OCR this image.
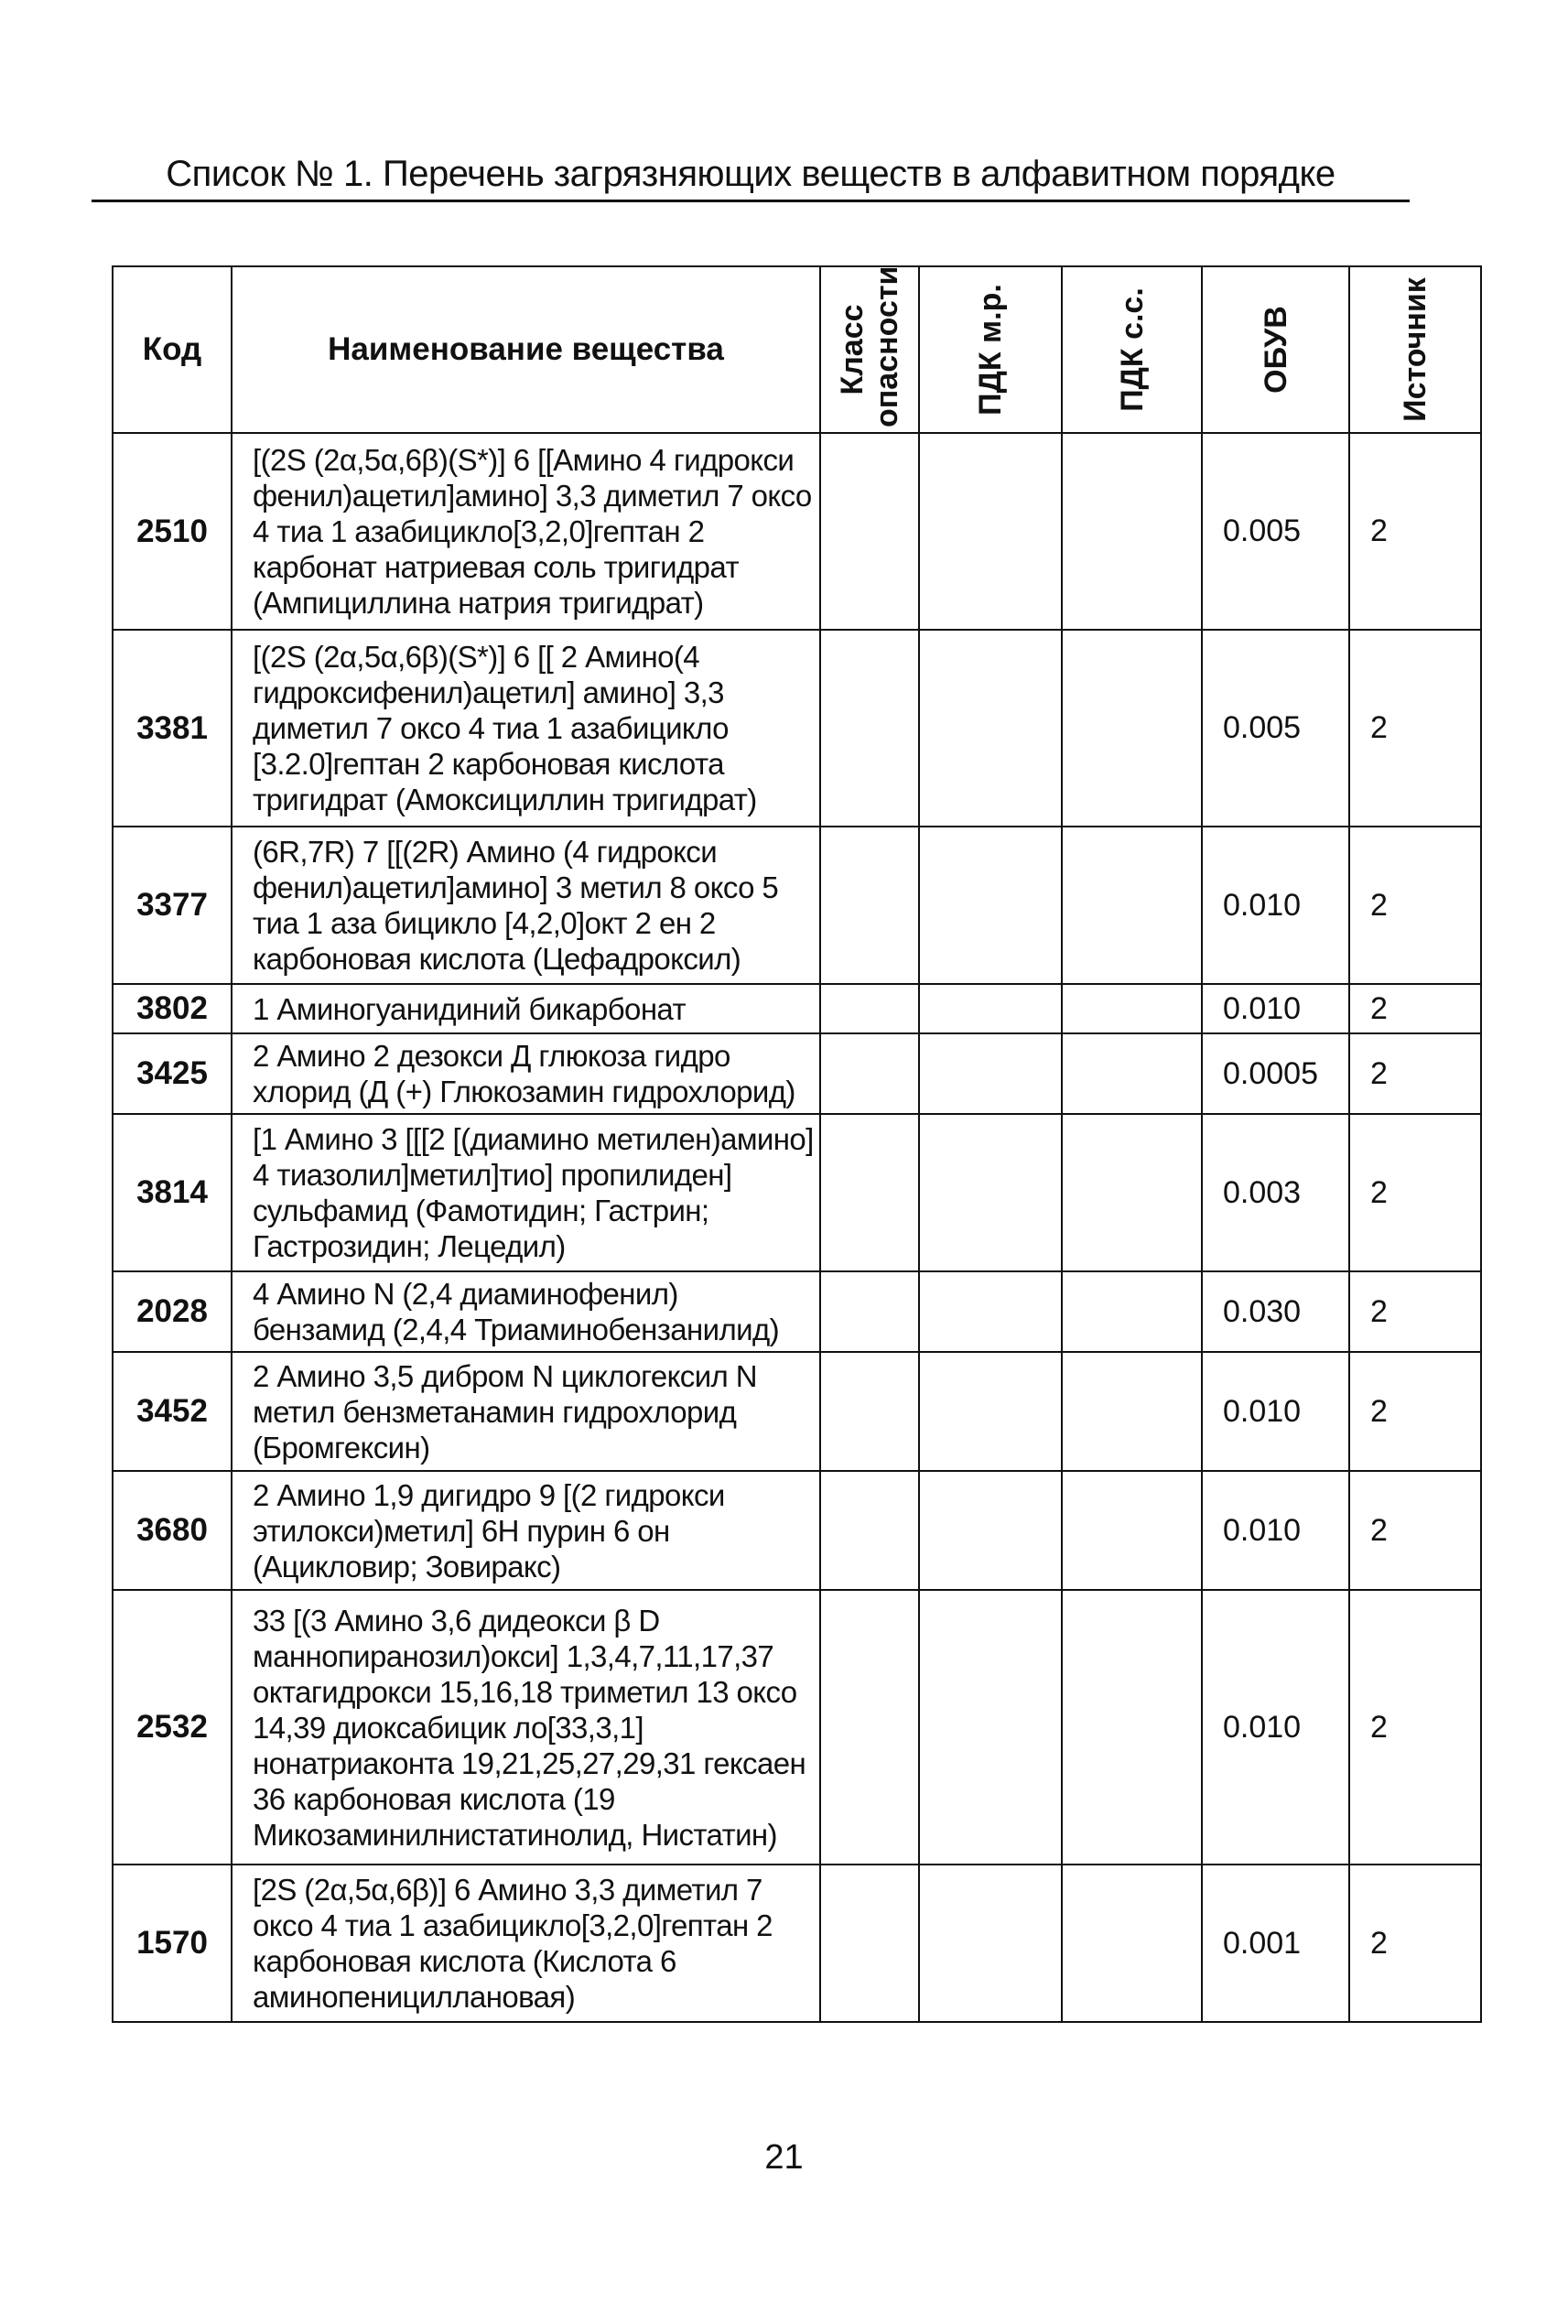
Список № 1. Перечень загрязняющих веществ в алфавитном порядке
Код	Наименование вещества	Класс опасности	ПДК м.р.	ПДК с.с.	ОБУВ	Источник

2510	[(2S (2α,5α,6β)(S*)] 6 [[Амино 4 гидрокси фенил)ацетил]амино] 3,3 диметил 7 оксо 4 тиа 1 азабицикло[3,2,0]гептан 2 карбонат натриевая соль тригидрат (Ампициллина натрия тригидрат)				0.005	2
3381	[(2S (2α,5α,6β)(S*)] 6 [[ 2 Амино(4 гидроксифенил)ацетил] амино] 3,3 диметил 7 оксо 4 тиа 1 азабицикло [3.2.0]гептан 2 карбоновая кислота тригидрат (Амоксициллин тригидрат)				0.005	2
3377	(6R,7R) 7 [[(2R) Амино (4 гидрокси фенил)ацетил]амино] 3 метил 8 оксо 5 тиа 1 аза бицикло [4,2,0]окт 2 ен 2 карбоновая кислота (Цефадроксил)				0.010	2
3802	1 Аминогуанидиний бикарбонат				0.010	2
3425	2 Амино 2 дезокси Д глюкоза гидро хлорид (Д (+) Глюкозамин гидрохлорид)				0.0005	2
3814	[1 Амино 3 [[[2 [(диамино метилен)амино] 4 тиазолил]метил]тио] пропилиден] сульфамид (Фамотидин; Гастрин; Гастрозидин; Лецедил)				0.003	2
2028	4 Амино N (2,4 диаминофенил) бензамид (2,4,4 Триаминобензанилид)				0.030	2
3452	2 Амино 3,5 дибром N циклогексил N метил бензметанамин гидрохлорид (Бромгексин)				0.010	2
3680	2 Амино 1,9 дигидро 9 [(2 гидрокси этилокси)метил] 6Н пурин 6 он (Ацикловир; Зовиракс)				0.010	2
2532	33 [(3 Амино 3,6 дидеокси β D маннопиранозил)окси] 1,3,4,7,11,17,37 октагидрокси 15,16,18 триметил 13 оксо 14,39 диоксабицик ло[33,3,1] нонатриаконта 19,21,25,27,29,31 гексаен 36 карбоновая кислота (19 Микозаминилнистатинолид, Нистатин)				0.010	2
1570	[2S (2α,5α,6β)] 6 Амино 3,3 диметил 7 оксо 4 тиа 1 азабицикло[3,2,0]гептан 2 карбоновая кислота (Кислота 6 аминопенициллановая)				0.001	2
21
